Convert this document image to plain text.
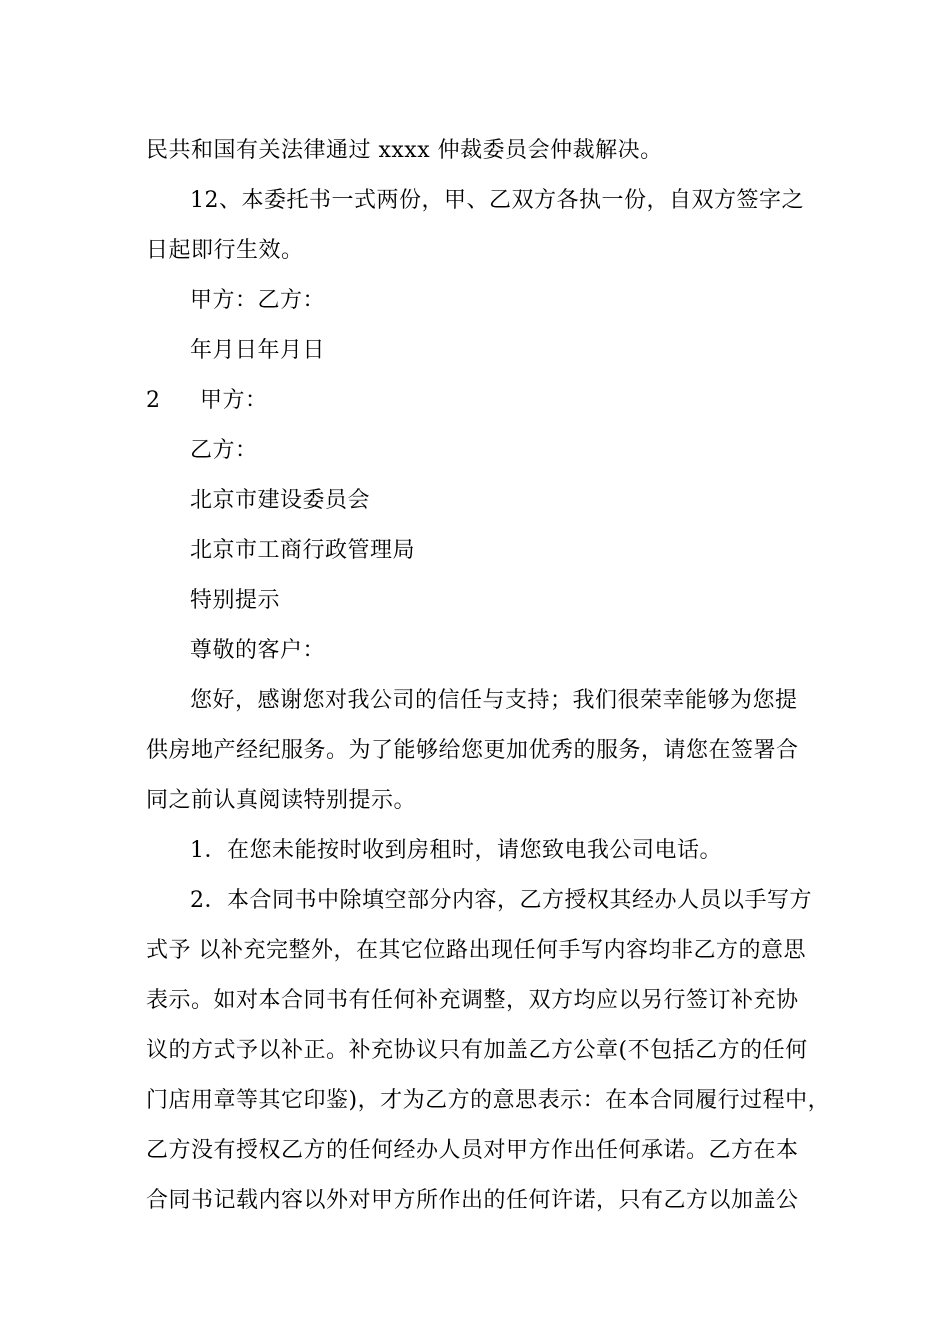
民共和国有关法律通过 xxxx 仲裁委员会仲裁解决。
12、本委托书一式两份，甲、乙双方各执一份，自双方签字之
日起即行生效。
甲方：乙方：
年月日年月日
2 甲方：
乙方：
北京市建设委员会
北京市工商行政管理局
特别提示
尊敬的客户：
您好，感谢您对我公司的信任与支持；我们很荣幸能够为您提
供房地产经纪服务。为了能够给您更加优秀的服务，请您在签署合
同之前认真阅读特别提示。
1．在您未能按时收到房租时，请您致电我公司电话。
2．本合同书中除填空部分内容，乙方授权其经办人员以手写方
式予 以补充完整外，在其它位路出现任何手写内容均非乙方的意思
表示。如对本合同书有任何补充调整，双方均应以另行签订补充协
议的方式予以补正。补充协议只有加盖乙方公章(不包括乙方的任何
门店用章等其它印鉴)，才为乙方的意思表示：在本合同履行过程中，
乙方没有授权乙方的任何经办人员对甲方作出任何承诺。乙方在本
合同书记载内容以外对甲方所作出的任何许诺，只有乙方以加盖公
